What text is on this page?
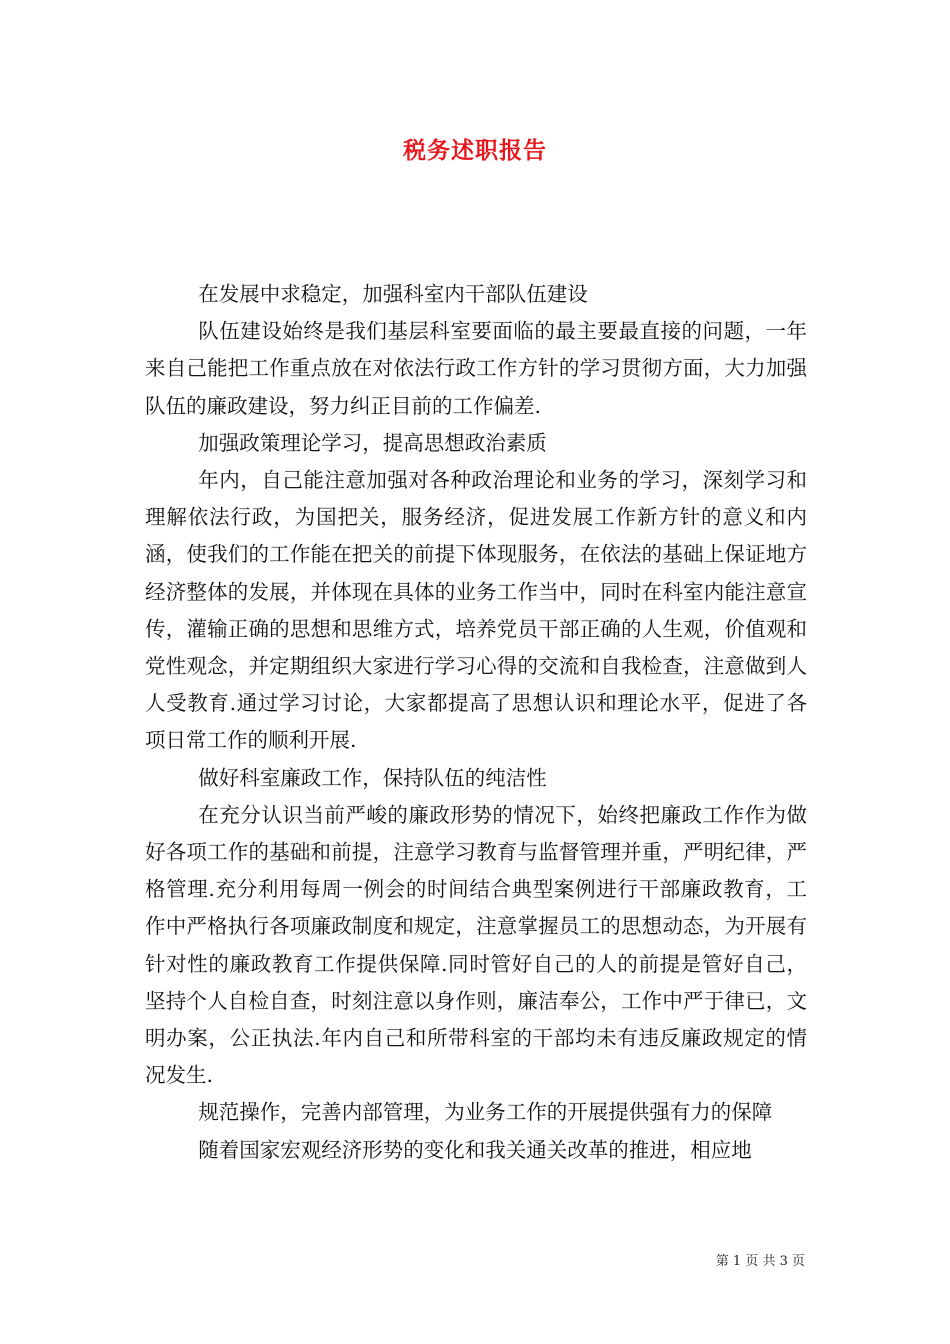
税务述职报告

在发展中求稳定，加强科室内干部队伍建设

队伍建设始终是我们基层科室要面临的最主要最直接的问题，一年来自己能把工作重点放在对依法行政工作方针的学习贯彻方面，大力加强队伍的廉政建设，努力纠正目前的工作偏差.

加强政策理论学习，提高思想政治素质

年内，自己能注意加强对各种政治理论和业务的学习，深刻学习和理解依法行政，为国把关，服务经济，促进发展工作新方针的意义和内涵，使我们的工作能在把关的前提下体现服务，在依法的基础上保证地方经济整体的发展，并体现在具体的业务工作当中，同时在科室内能注意宣传，灌输正确的思想和思维方式，培养党员干部正确的人生观，价值观和党性观念，并定期组织大家进行学习心得的交流和自我检查，注意做到人人受教育.通过学习讨论，大家都提高了思想认识和理论水平，促进了各项日常工作的顺利开展.

做好科室廉政工作，保持队伍的纯洁性

在充分认识当前严峻的廉政形势的情况下，始终把廉政工作作为做好各项工作的基础和前提，注意学习教育与监督管理并重，严明纪律，严格管理.充分利用每周一例会的时间结合典型案例进行干部廉政教育，工作中严格执行各项廉政制度和规定，注意掌握员工的思想动态，为开展有针对性的廉政教育工作提供保障.同时管好自己的人的前提是管好自己，坚持个人自检自查，时刻注意以身作则，廉洁奉公，工作中严于律已，文明办案，公正执法.年内自己和所带科室的干部均未有违反廉政规定的情况发生.

规范操作，完善内部管理，为业务工作的开展提供强有力的保障

随着国家宏观经济形势的变化和我关通关改革的推进，相应地

第 1 页 共 3 页
